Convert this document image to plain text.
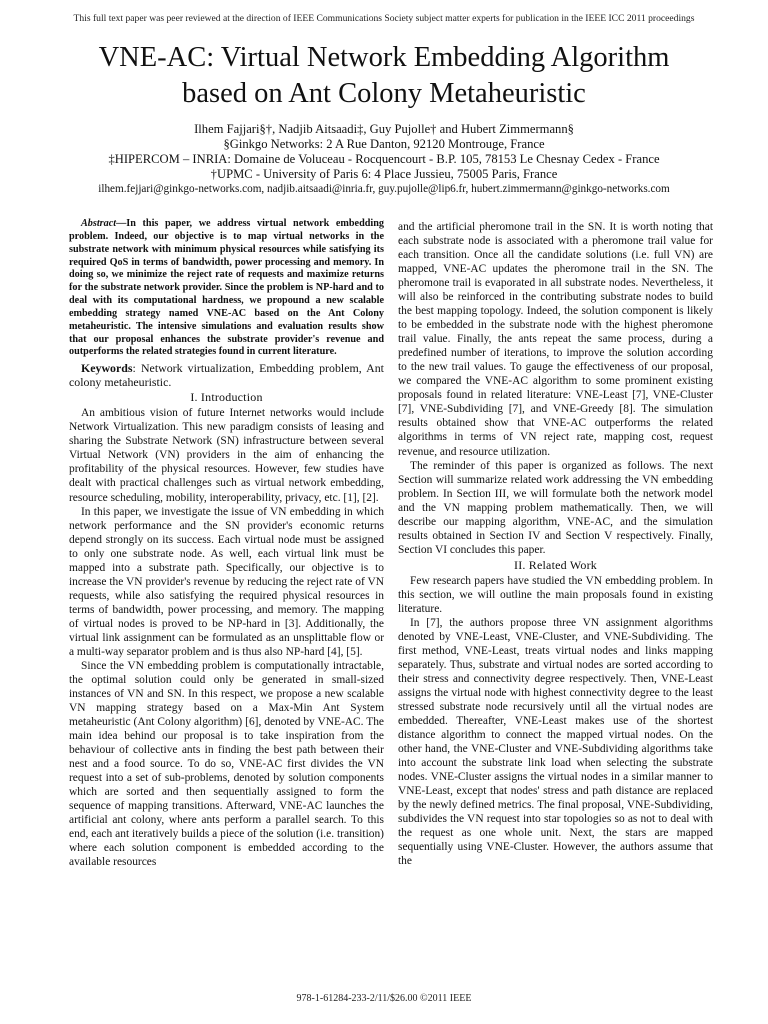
This full text paper was peer reviewed at the direction of IEEE Communications Society subject matter experts for publication in the IEEE ICC 2011 proceedings
VNE-AC: Virtual Network Embedding Algorithm
based on Ant Colony Metaheuristic
Ilhem Fajjari§†, Nadjib Aitsaadi‡, Guy Pujolle† and Hubert Zimmermann§
§Ginkgo Networks: 2 A Rue Danton, 92120 Montrouge, France
‡HIPERCOM – INRIA: Domaine de Voluceau - Rocquencourt - B.P. 105, 78153 Le Chesnay Cedex - France
†UPMC - University of Paris 6: 4 Place Jussieu, 75005 Paris, France
ilhem.fejjari@ginkgo-networks.com, nadjib.aitsaadi@inria.fr, guy.pujolle@lip6.fr, hubert.zimmermann@ginkgo-networks.com

Abstract—In this paper, we address virtual network embedding problem. Indeed, our objective is to map virtual networks in the substrate network with minimum physical resources while satisfying its required QoS in terms of bandwidth, power processing and memory. In doing so, we minimize the reject rate of requests and maximize returns for the substrate network provider. Since the problem is NP-hard and to deal with its computational hardness, we propound a new scalable embedding strategy named VNE-AC based on the Ant Colony metaheuristic. The intensive simulations and evaluation results show that our proposal enhances the substrate provider's revenue and outperforms the related strategies found in current literature.

Keywords: Network virtualization, Embedding problem, Ant colony metaheuristic.

I. Introduction

An ambitious vision of future Internet networks would include Network Virtualization. This new paradigm consists of leasing and sharing the Substrate Network (SN) infrastructure between several Virtual Network (VN) providers in the aim of enhancing the profitability of the physical resources. However, few studies have dealt with practical challenges such as virtual network embedding, resource scheduling, mobility, interoperability, privacy, etc. [1], [2].

In this paper, we investigate the issue of VN embedding in which network performance and the SN provider's economic returns depend strongly on its success. Each virtual node must be assigned to only one substrate node. As well, each virtual link must be mapped into a substrate path. Specifically, our objective is to increase the VN provider's revenue by reducing the reject rate of VN requests, while also satisfying the required physical resources in terms of bandwidth, power processing, and memory. The mapping of virtual nodes is proved to be NP-hard in [3]. Additionally, the virtual link assignment can be formulated as an unsplittable flow or a multi-way separator problem and is thus also NP-hard [4], [5].

Since the VN embedding problem is computationally intractable, the optimal solution could only be generated in small-sized instances of VN and SN. In this respect, we propose a new scalable VN mapping strategy based on a Max-Min Ant System metaheuristic (Ant Colony algorithm) [6], denoted by VNE-AC. The main idea behind our proposal is to take inspiration from the behaviour of collective ants in finding the best path between their nest and a food source. To do so, VNE-AC first divides the VN request into a set of sub-problems, denoted by solution components which are sorted and then sequentially assigned to form the sequence of mapping transitions. Afterward, VNE-AC launches the artificial ant colony, where ants perform a parallel search. To this end, each ant iteratively builds a piece of the solution (i.e. transition) where each solution component is embedded according to the available resources

and the artificial pheromone trail in the SN. It is worth noting that each substrate node is associated with a pheromone trail value for each transition. Once all the candidate solutions (i.e. full VN) are mapped, VNE-AC updates the pheromone trail in the SN. The pheromone trail is evaporated in all substrate nodes. Nevertheless, it will also be reinforced in the contributing substrate nodes to build the best mapping topology. Indeed, the solution component is likely to be embedded in the substrate node with the highest pheromone trail value. Finally, the ants repeat the same process, during a predefined number of iterations, to improve the solution according to the new trail values. To gauge the effectiveness of our proposal, we compared the VNE-AC algorithm to some prominent existing proposals found in related literature: VNE-Least [7], VNE-Cluster [7], VNE-Subdividing [7], and VNE-Greedy [8]. The simulation results obtained show that VNE-AC outperforms the related algorithms in terms of VN reject rate, mapping cost, request revenue, and resource utilization.

The reminder of this paper is organized as follows. The next Section will summarize related work addressing the VN embedding problem. In Section III, we will formulate both the network model and the VN mapping problem mathematically. Then, we will describe our mapping algorithm, VNE-AC, and the simulation results obtained in Section IV and Section V respectively. Finally, Section VI concludes this paper.

II. Related Work

Few research papers have studied the VN embedding problem. In this section, we will outline the main proposals found in existing literature.

In [7], the authors propose three VN assignment algorithms denoted by VNE-Least, VNE-Cluster, and VNE-Subdividing. The first method, VNE-Least, treats virtual nodes and links mapping separately. Thus, substrate and virtual nodes are sorted according to their stress and connectivity degree respectively. Then, VNE-Least assigns the virtual node with highest connectivity degree to the least stressed substrate node recursively until all the virtual nodes are embedded. Thereafter, VNE-Least makes use of the shortest distance algorithm to connect the mapped virtual nodes. On the other hand, the VNE-Cluster and VNE-Subdividing algorithms take into account the substrate link load when selecting the substrate nodes. VNE-Cluster assigns the virtual nodes in a similar manner to VNE-Least, except that nodes' stress and path distance are replaced by the newly defined metrics. The final proposal, VNE-Subdividing, subdivides the VN request into star topologies so as not to deal with the request as one whole unit. Next, the stars are mapped sequentially using VNE-Cluster. However, the authors assume that the

978-1-61284-233-2/11/$26.00 ©2011 IEEE
